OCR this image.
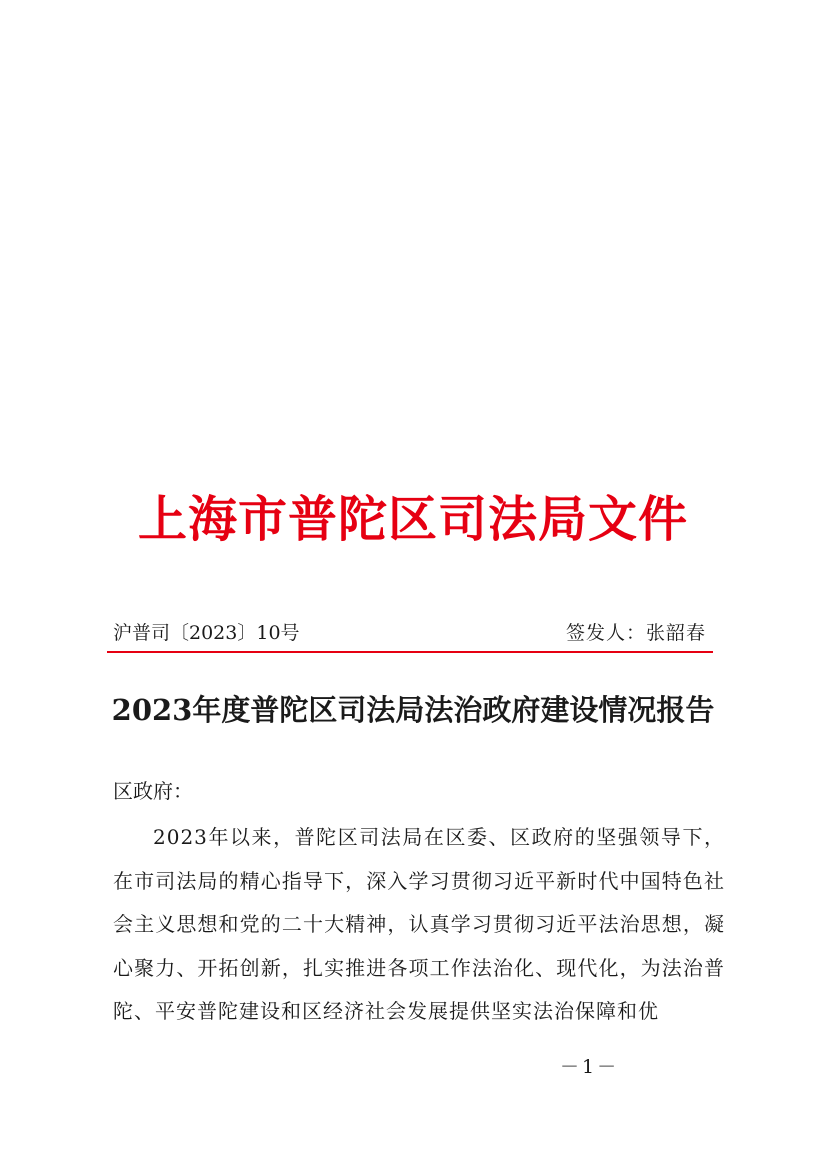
上海市普陀区司法局文件
沪普司〔2023〕10号	签发人：张韶春
2023年度普陀区司法局法治政府建设情况报告
区政府：

2023年以来，普陀区司法局在区委、区政府的坚强领导下，在市司法局的精心指导下，深入学习贯彻习近平新时代中国特色社会主义思想和党的二十大精神，认真学习贯彻习近平法治思想，凝心聚力、开拓创新，扎实推进各项工作法治化、现代化，为法治普陀、平安普陀建设和区经济社会发展提供坚实法治保障和优

－1－
